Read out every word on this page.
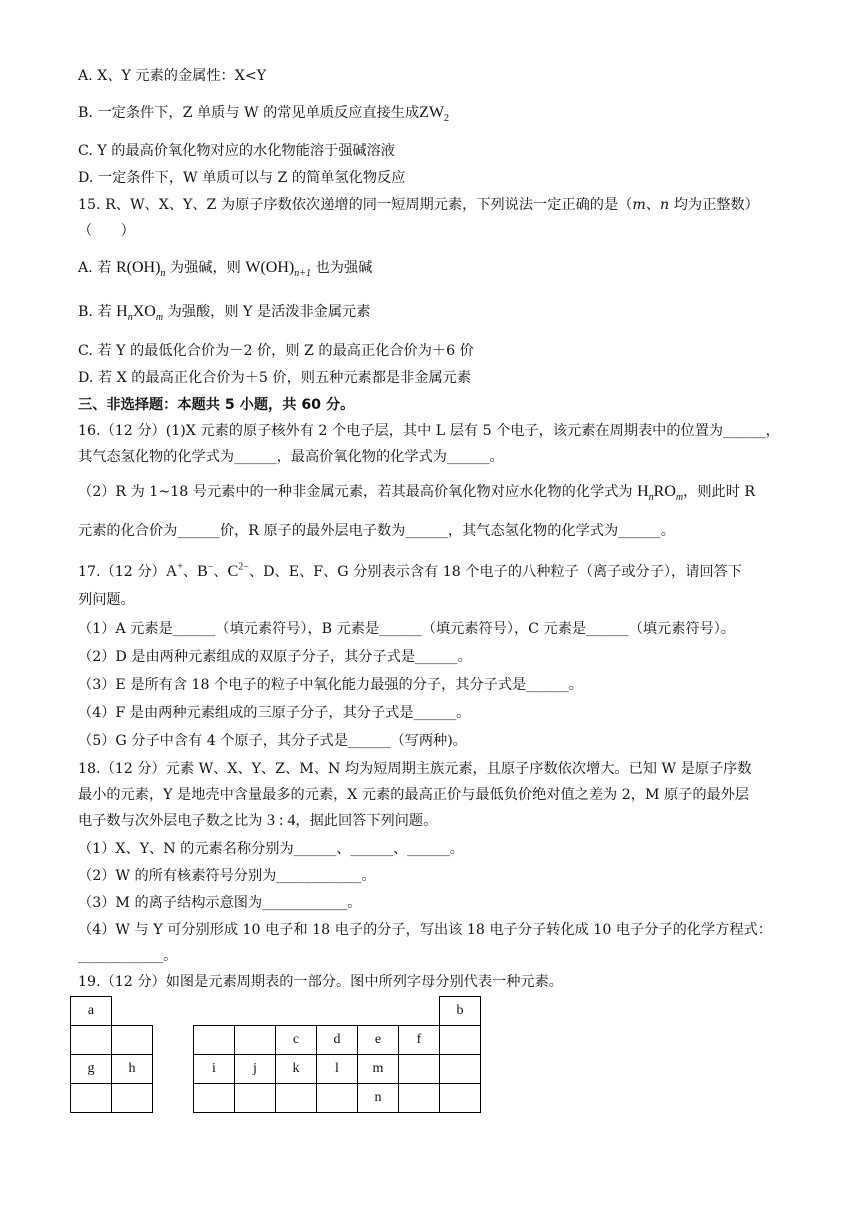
A. X、Y 元素的金属性：X<Y
B. 一定条件下，Z 单质与 W 的常见单质反应直接生成$ZW_2$
C. Y 的最高价氧化物对应的水化物能溶于强碱溶液
D. 一定条件下，W 单质可以与 Z 的简单氢化物反应
15. R、W、X、Y、Z 为原子序数依次递增的同一短周期元素，下列说法一定正确的是（m、n 均为正整数）
（　　）
A. 若 $R(OH)_n$ 为强碱，则 $W(OH)_{n+1}$ 也为强碱
B. 若 $H_nXO_m$ 为强酸，则 Y 是活泼非金属元素
C. 若 Y 的最低化合价为－2 价，则 Z 的最高正化合价为＋6 价
D. 若 X 的最高正化合价为＋5 价，则五种元素都是非金属元素
三、非选择题：本题共 5 小题，共 60 分。
16.（12 分）(1)X 元素的原子核外有 2 个电子层，其中 L 层有 5 个电子，该元素在周期表中的位置为______，
其气态氢化物的化学式为______，最高价氧化物的化学式为______。
（2）R 为 1~18 号元素中的一种非金属元素，若其最高价氧化物对应水化物的化学式为 $H_nRO_m$，则此时 R
元素的化合价为______价，R 原子的最外层电子数为______，其气态氢化物的化学式为______。
17.（12 分）A+、B−、$C^{2-}$、D、E、F、G 分别表示含有 18 个电子的八种粒子（离子或分子），请回答下
列问题。
（1）A 元素是______（填元素符号），B 元素是______（填元素符号），C 元素是______（填元素符号）。
（2）D 是由两种元素组成的双原子分子，其分子式是______。
（3）E 是所有含 18 个电子的粒子中氧化能力最强的分子，其分子式是______。
（4）F 是由两种元素组成的三原子分子，其分子式是______。
（5）G 分子中含有 4 个原子，其分子式是______（写两种)。
18.（12 分）元素 W、X、Y、Z、M、N 均为短周期主族元素，且原子序数依次增大。已知 W 是原子序数
最小的元素，Y 是地壳中含量最多的元素，X 元素的最高正价与最低负价绝对值之差为 2，M 原子的最外层
电子数与次外层电子数之比为 3 : 4，据此回答下列问题。
（1）X、Y、N 的元素名称分别为______、______、______。
（2）W 的所有核素符号分别为____________。
（3）M 的离子结构示意图为____________。
（4）W 与 Y 可分别形成 10 电子和 18 电子的分子，写出该 18 电子分子转化成 10 电子分子的化学方程式：
____________。
19.（12 分）如图是元素周期表的一部分。图中所列字母分别代表一种元素。
a									b
					c	d	e	f	
g	h		i	j	k	l	m		
							n		
